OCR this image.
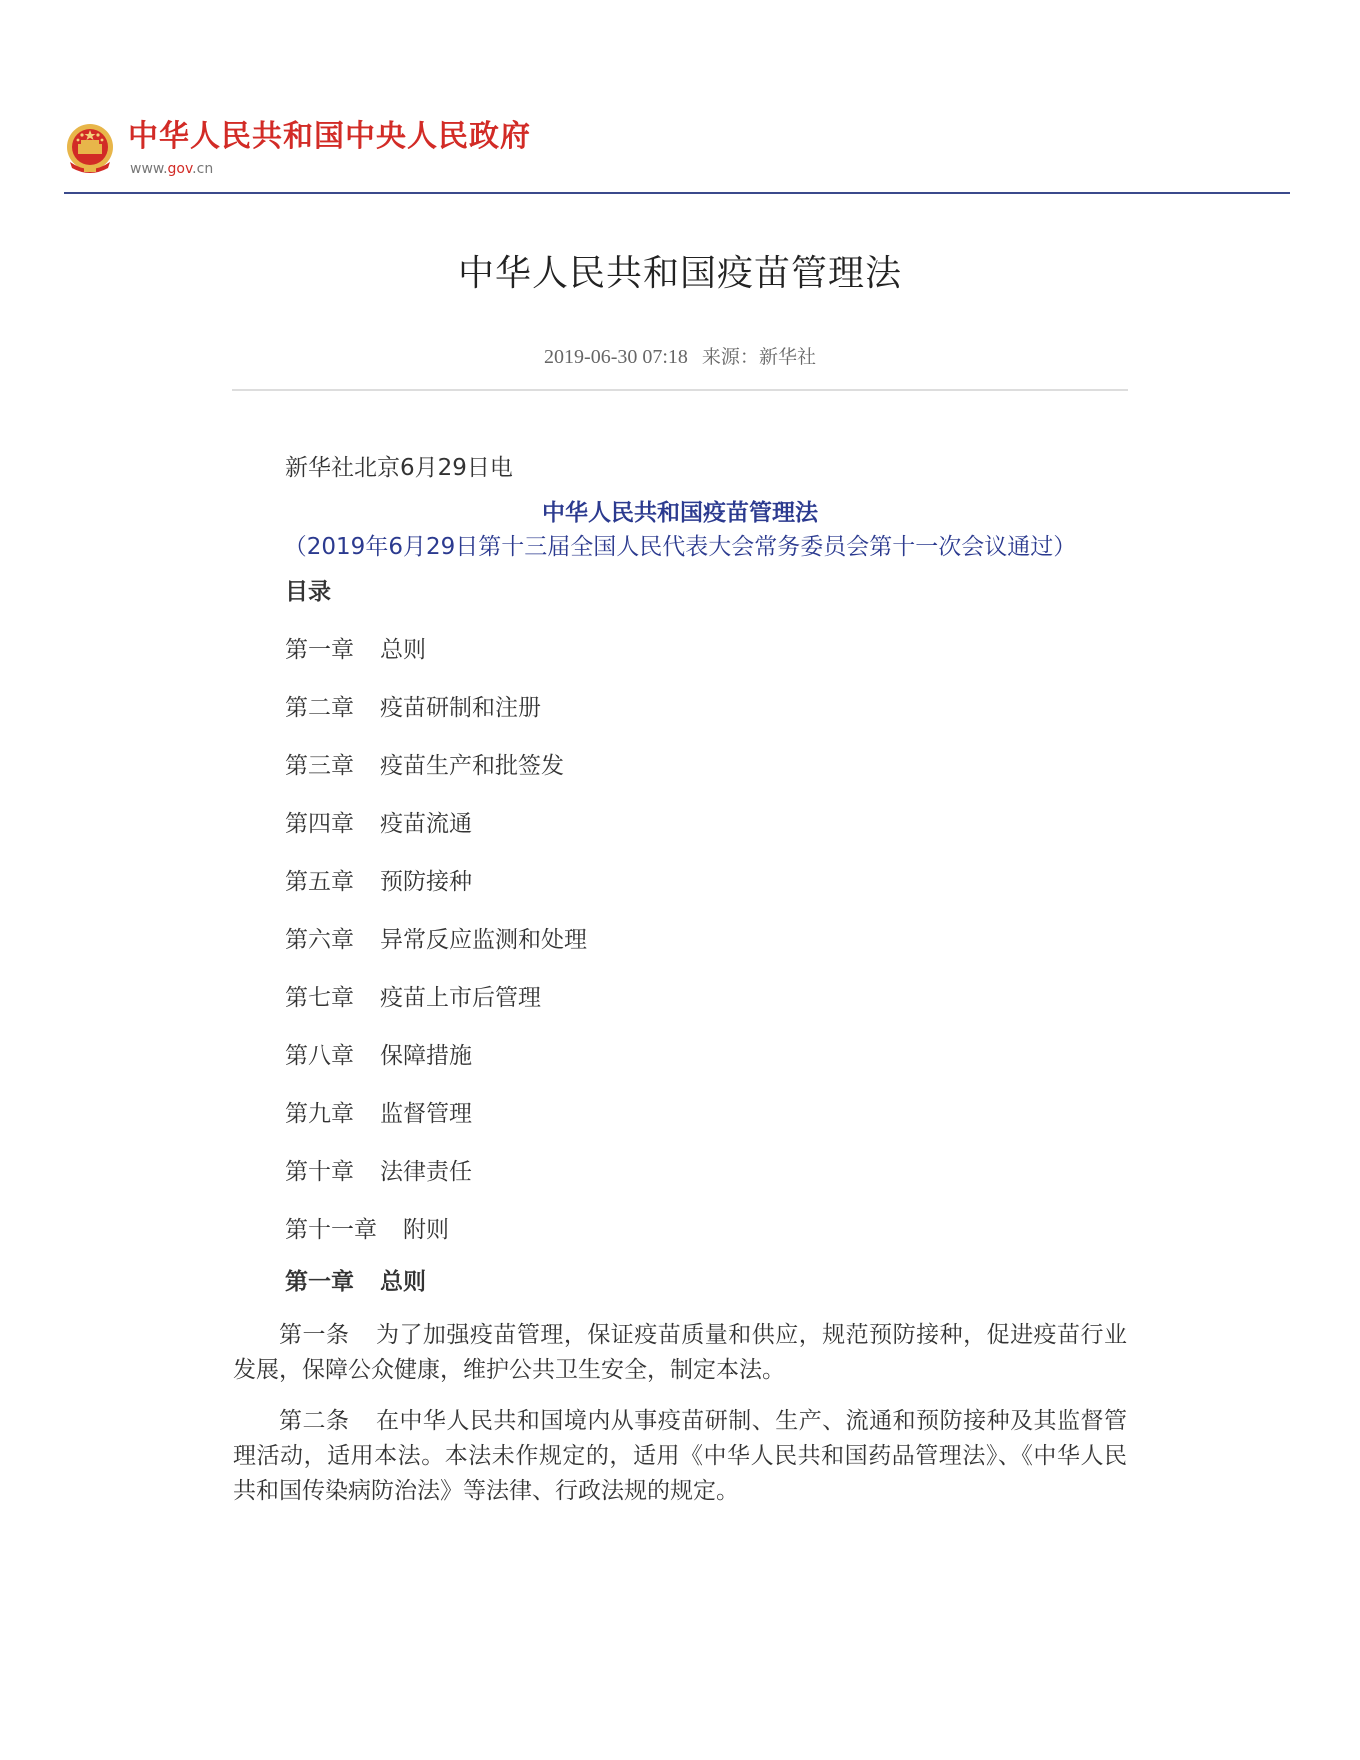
中华人民共和国中央人民政府
www.gov.cn
中华人民共和国疫苗管理法
2019-06-30 07:18 来源：新华社

新华社北京6月29日电

中华人民共和国疫苗管理法

（2019年6月29日第十三届全国人民代表大会常务委员会第十一次会议通过）

目录

第一章 总则
第二章 疫苗研制和注册
第三章 疫苗生产和批签发
第四章 疫苗流通
第五章 预防接种
第六章 异常反应监测和处理
第七章 疫苗上市后管理
第八章 保障措施
第九章 监督管理
第十章 法律责任
第十一章 附则

第一章 总则

第一条 为了加强疫苗管理，保证疫苗质量和供应，规范预防接种，促进疫苗行业发展，保障公众健康，维护公共卫生安全，制定本法。

第二条 在中华人民共和国境内从事疫苗研制、生产、流通和预防接种及其监督管理活动，适用本法。本法未作规定的，适用《中华人民共和国药品管理法》、《中华人民共和国传染病防治法》等法律、行政法规的规定。
